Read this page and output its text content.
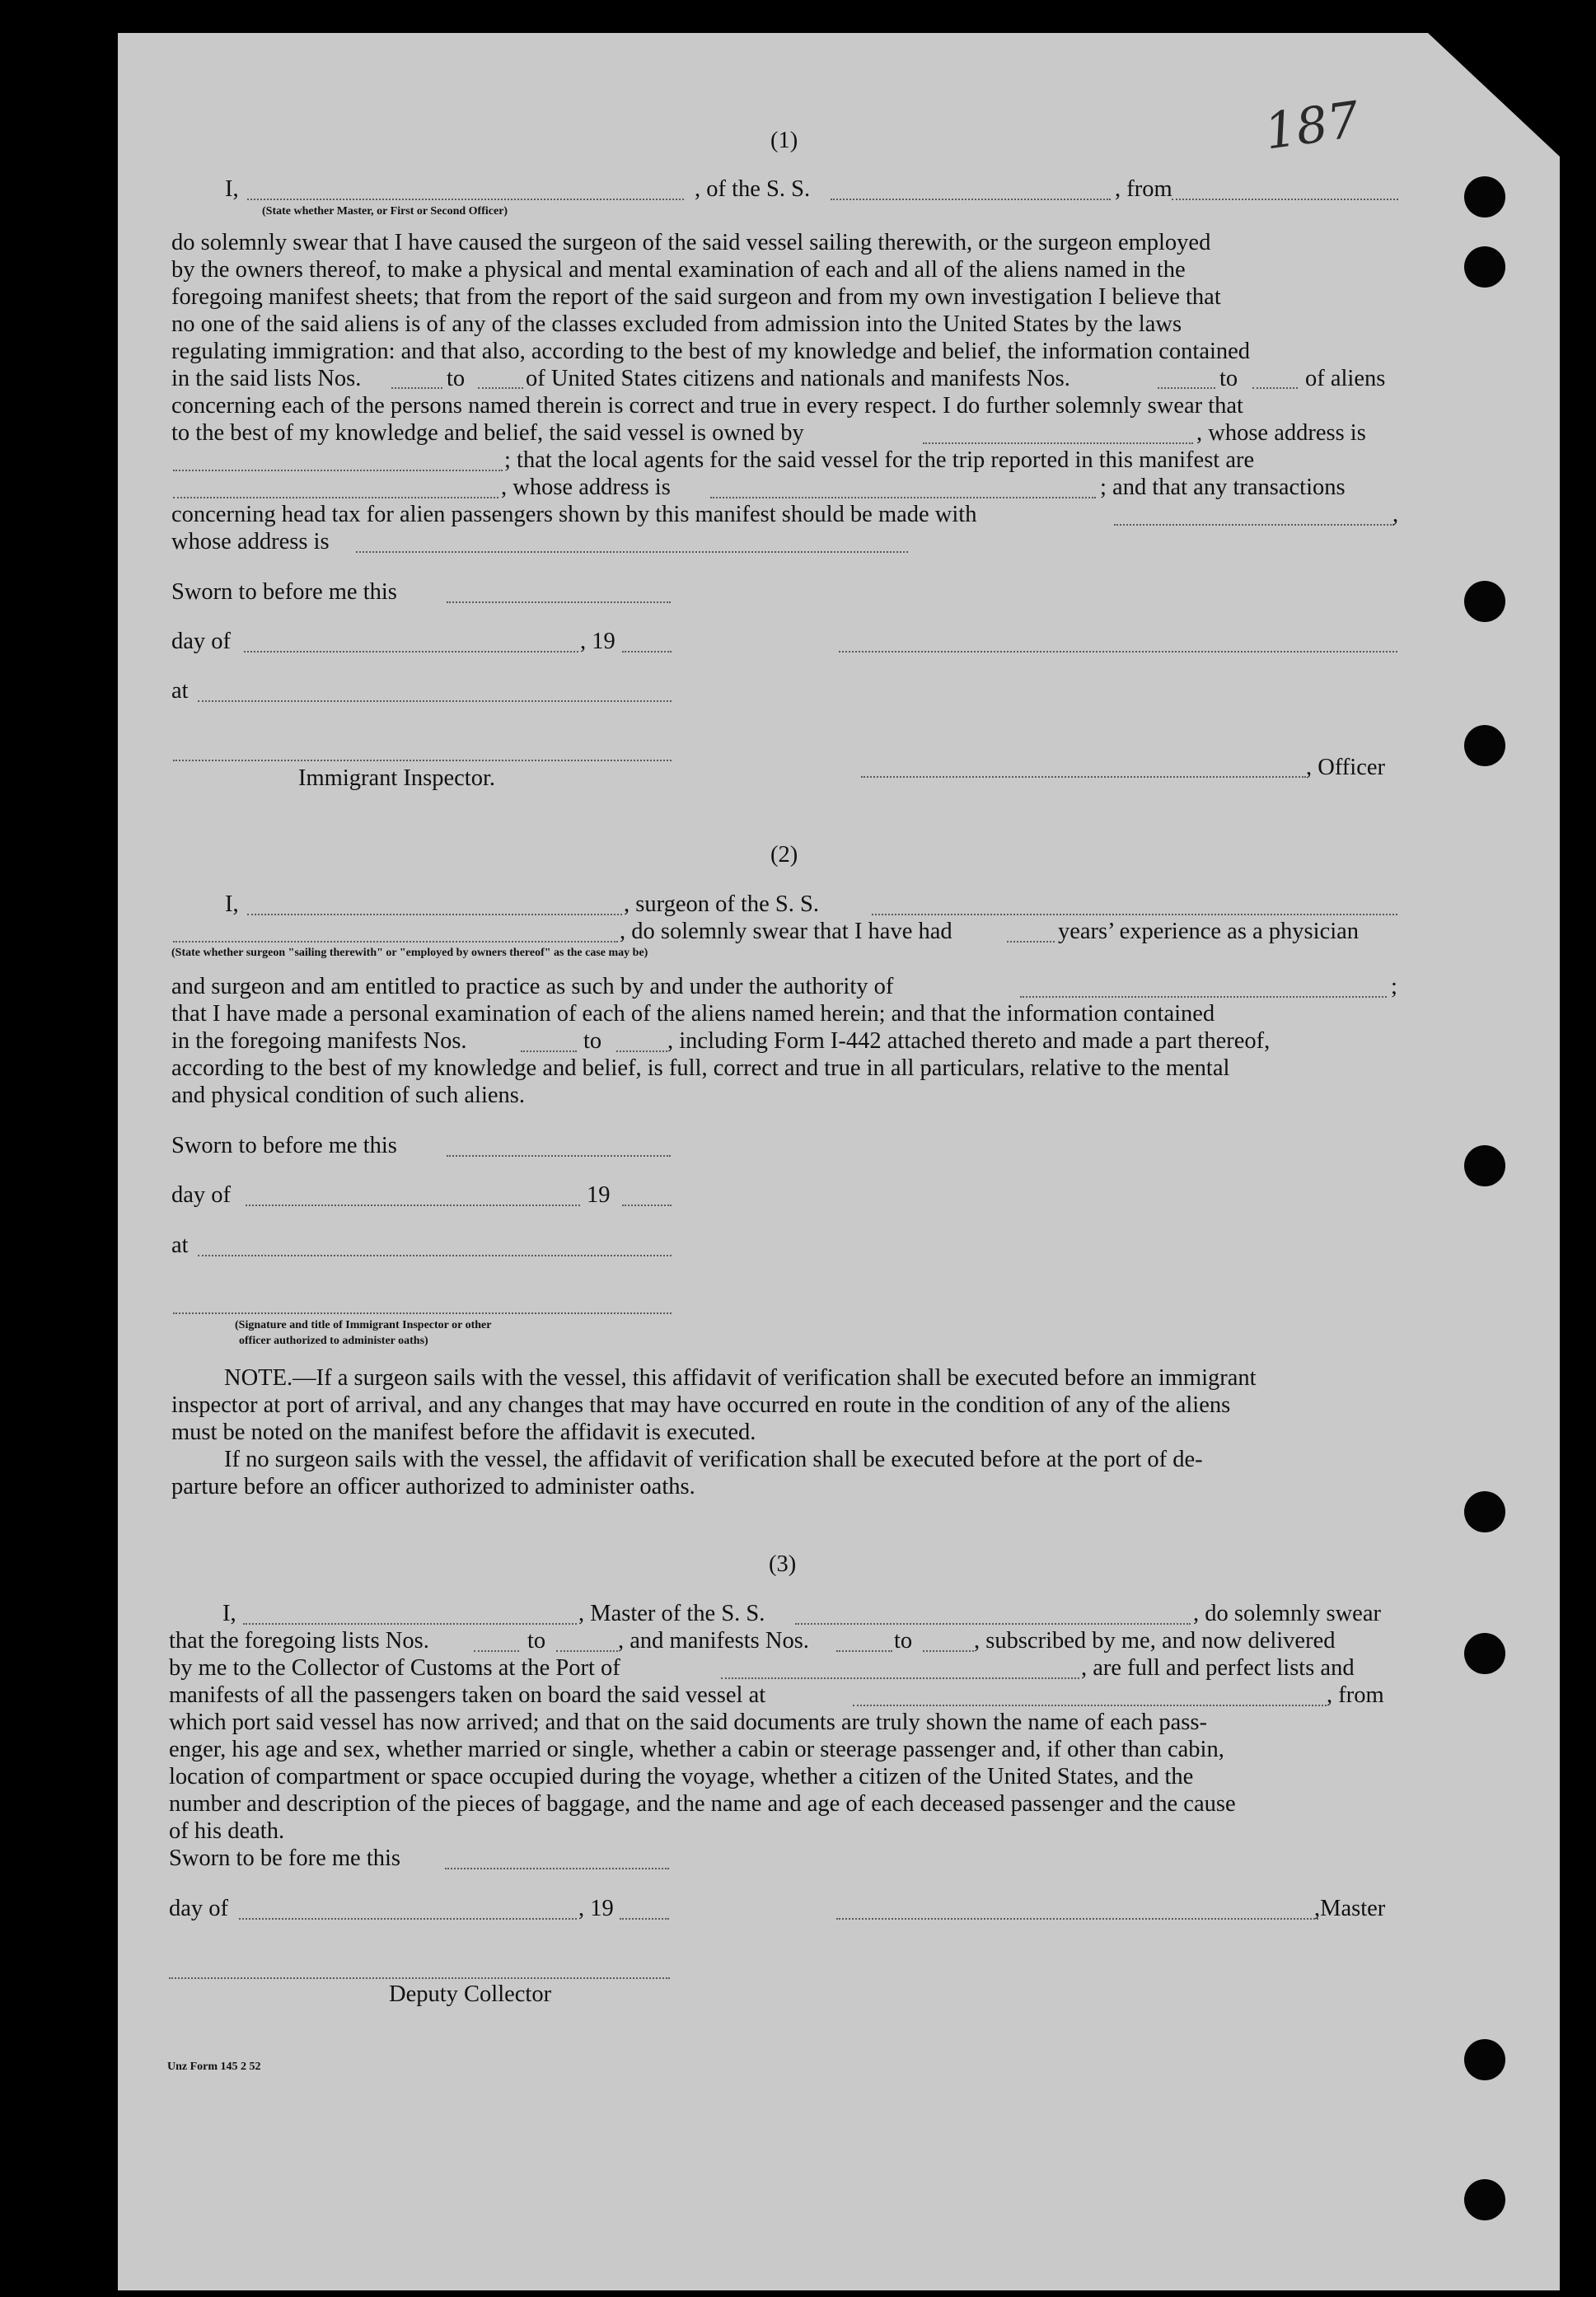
187
(1)
I,	, of the S. S.	, from
(State whether Master, or First or Second Officer)
do solemnly swear that I have caused the surgeon of the said vessel sailing therewith, or the surgeon employed
by the owners thereof, to make a physical and mental examination of each and all of the aliens named in the
foregoing manifest sheets; that from the report of the said surgeon and from my own investigation I believe that
no one of the said aliens is of any of the classes excluded from admission into the United States by the laws
regulating immigration: and that also, according to the best of my knowledge and belief, the information contained
in the said lists Nos.	to	of United States citizens and nationals and manifests Nos.	to	of aliens
concerning each of the persons named therein is correct and true in every respect. I do further solemnly swear that
to the best of my knowledge and belief, the said vessel is owned by	, whose address is
; that the local agents for the said vessel for the trip reported in this manifest are
, whose address is	; and that any transactions
concerning head tax for alien passengers shown by this manifest should be made with	,
whose address is
Sworn to before me this
day of	, 19
at
Immigrant Inspector.	, Officer
(2)
I,	, surgeon of the S. S.
, do solemnly swear that I have had	years’ experience as a physician
(State whether surgeon "sailing therewith" or "employed by owners thereof" as the case may be)
and surgeon and am entitled to practice as such by and under the authority of	;
that I have made a personal examination of each of the aliens named herein; and that the information contained
in the foregoing manifests Nos.	to	, including Form I-442 attached thereto and made a part thereof,
according to the best of my knowledge and belief, is full, correct and true in all particulars, relative to the mental
and physical condition of such aliens.
Sworn to before me this
day of	19
at
(Signature and title of Immigrant Inspector or other
officer authorized to administer oaths)
NOTE.—If a surgeon sails with the vessel, this affidavit of verification shall be executed before an immigrant
inspector at port of arrival, and any changes that may have occurred en route in the condition of any of the aliens
must be noted on the manifest before the affidavit is executed.
If no surgeon sails with the vessel, the affidavit of verification shall be executed before at the port of de-
parture before an officer authorized to administer oaths.
(3)
I,	, Master of the S. S.	, do solemnly swear
that the foregoing lists Nos.	to	, and manifests Nos.	to	, subscribed by me, and now delivered
by me to the Collector of Customs at the Port of	, are full and perfect lists and
manifests of all the passengers taken on board the said vessel at	, from
which port said vessel has now arrived; and that on the said documents are truly shown the name of each pass-
enger, his age and sex, whether married or single, whether a cabin or steerage passenger and, if other than cabin,
location of compartment or space occupied during the voyage, whether a citizen of the United States, and the
number and description of the pieces of baggage, and the name and age of each deceased passenger and the cause
of his death.
Sworn to be fore me this
day of	, 19	,Master
Deputy Collector
Unz Form 145 2 52
